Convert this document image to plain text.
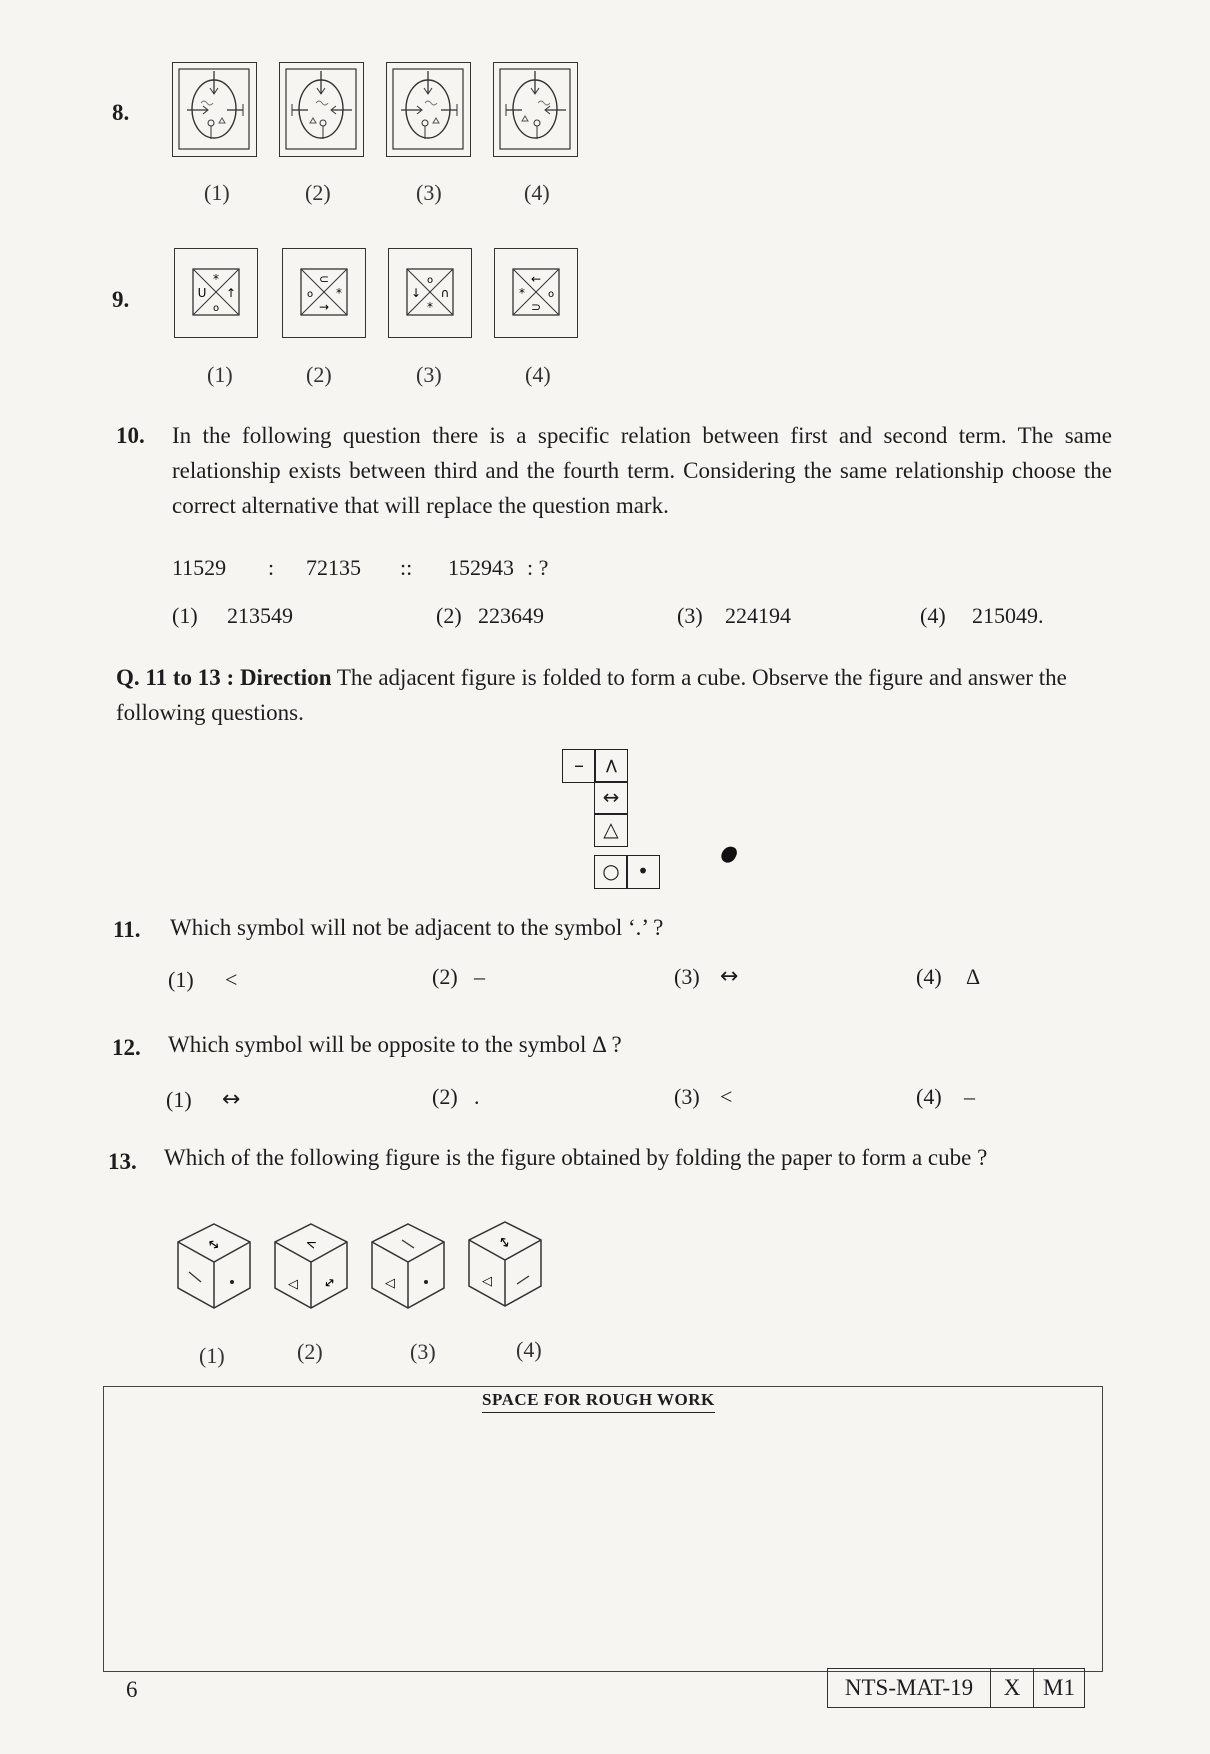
8.
(1)	(2)	(3)	(4)
9.
*
U ↑
o
⊂
o *
→
o
↓ ∩
*
←
* o
⊃
(1)	(2)	(3)	(4)
10. In the following question there is a specific relation between first and second term. The same relationship exists between third and the fourth term. Considering the same relationship choose the correct alternative that will replace the question mark.
11529 : 72135 :: 152943 : ?
(1) 213549	(2) 223649	(3) 224194	(4) 215049.
Q. 11 to 13 : Direction The adjacent figure is folded to form a cube. Observe the figure and answer the following questions.
– <
↔
△
○ •
11. Which symbol will not be adjacent to the symbol ‘.’ ?
(1) <	(2) –	(3) ↔	(4) Δ
12. Which symbol will be opposite to the symbol Δ ?
(1) ↔	(2) .	(3) <	(4) –
13. Which of the following figure is the figure obtained by folding the paper to form a cube ?
↔	<
◁ ↔	◁
↔
◁
(1)	(2)	(3)	(4)
SPACE FOR ROUGH WORK
6	NTS-MAT-19	X M1
